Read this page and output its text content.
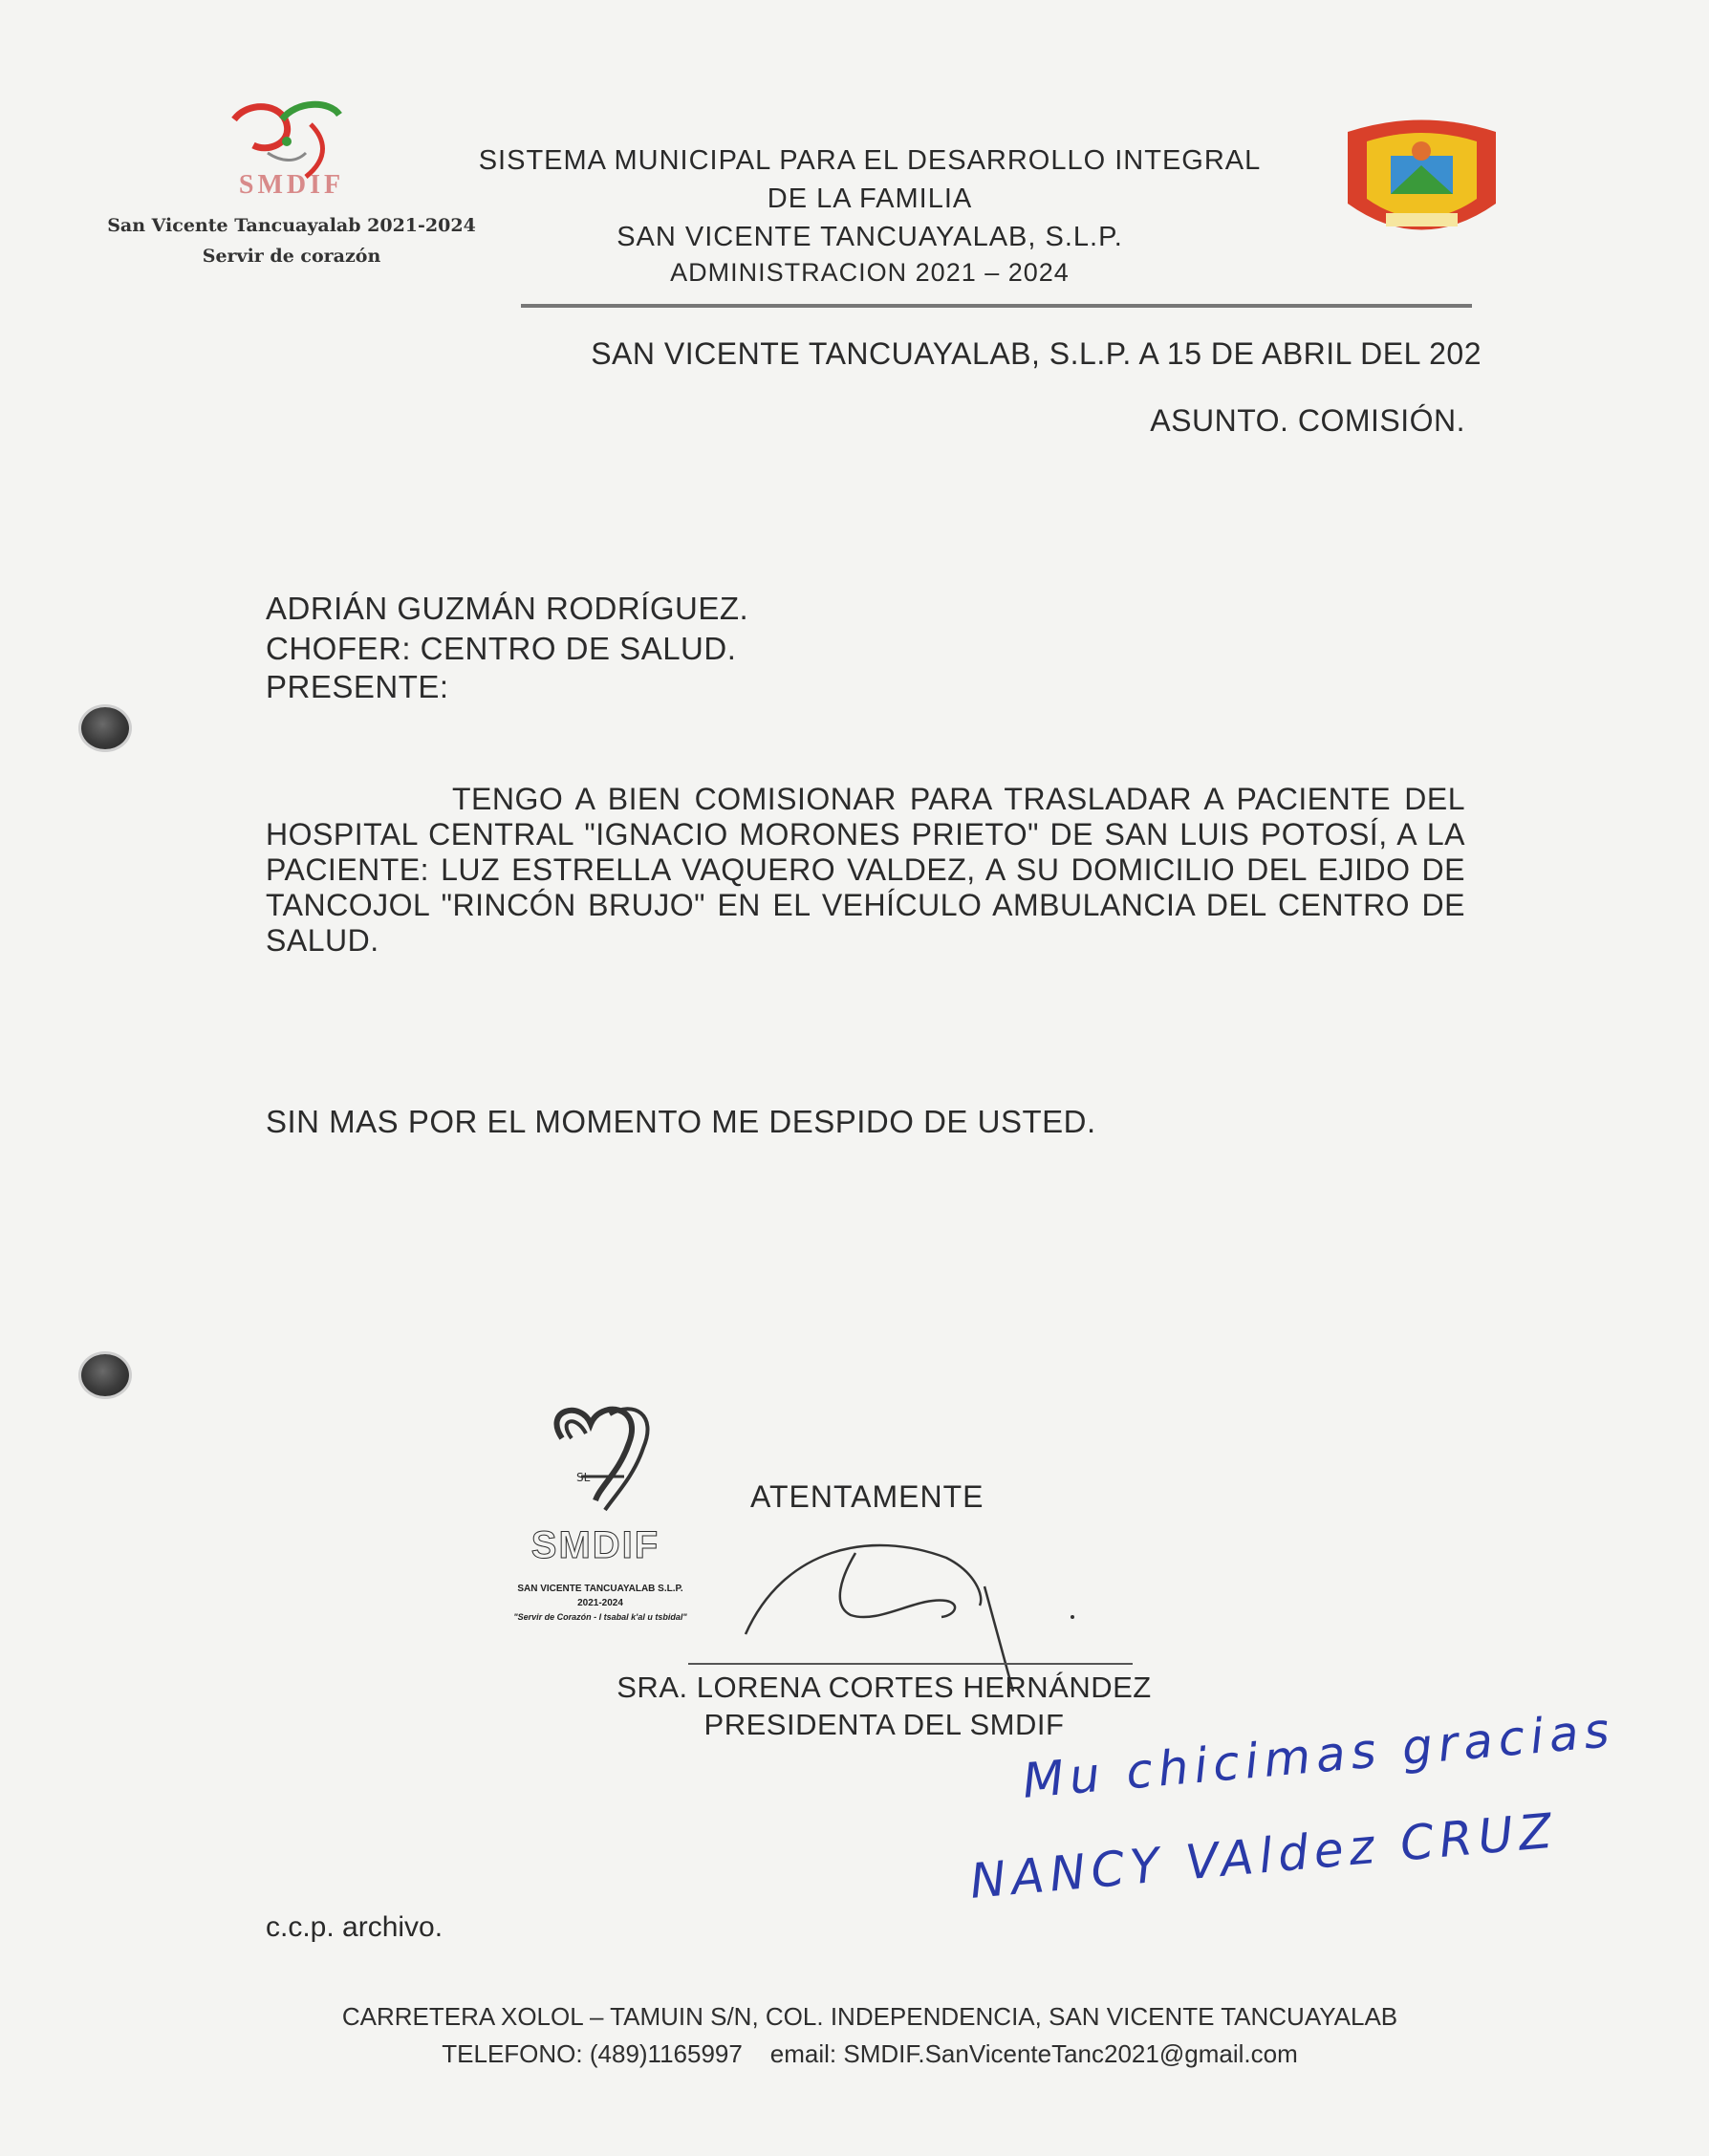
SMDIF
San Vicente Tancuayalab 2021-2024
Servir de corazón
SISTEMA MUNICIPAL PARA EL DESARROLLO INTEGRAL
DE LA FAMILIA
SAN VICENTE TANCUAYALAB, S.L.P.
ADMINISTRACION 2021 – 2024
SAN VICENTE TANCUAYALAB, S.L.P. A 15 DE ABRIL DEL 202
ASUNTO. COMISIÓN.
ADRIÁN GUZMÁN RODRÍGUEZ.
CHOFER: CENTRO DE SALUD.
PRESENTE:
TENGO A BIEN COMISIONAR PARA TRASLADAR A PACIENTE DEL HOSPITAL CENTRAL "IGNACIO MORONES PRIETO" DE SAN LUIS POTOSÍ, A LA PACIENTE: LUZ ESTRELLA VAQUERO VALDEZ, A SU DOMICILIO DEL EJIDO DE TANCOJOL "RINCÓN BRUJO" EN EL VEHÍCULO AMBULANCIA DEL CENTRO DE SALUD.
SIN MAS POR EL MOMENTO ME DESPIDO DE USTED.
SL
SMDIF
SAN VICENTE TANCUAYALAB S.L.P.
2021-2024
"Servir de Corazón - I tsabal k'al u tsbidal"
ATENTAMENTE
SRA. LORENA CORTES HERNÁNDEZ
PRESIDENTA DEL SMDIF
Mu chicimas gracias
NANCY VAldez CRUZ
c.c.p. archivo.
CARRETERA XOLOL – TAMUIN S/N, COL. INDEPENDENCIA, SAN VICENTE TANCUAYALAB
TELEFONO: (489)1165997 email: SMDIF.SanVicenteTanc2021@gmail.com
